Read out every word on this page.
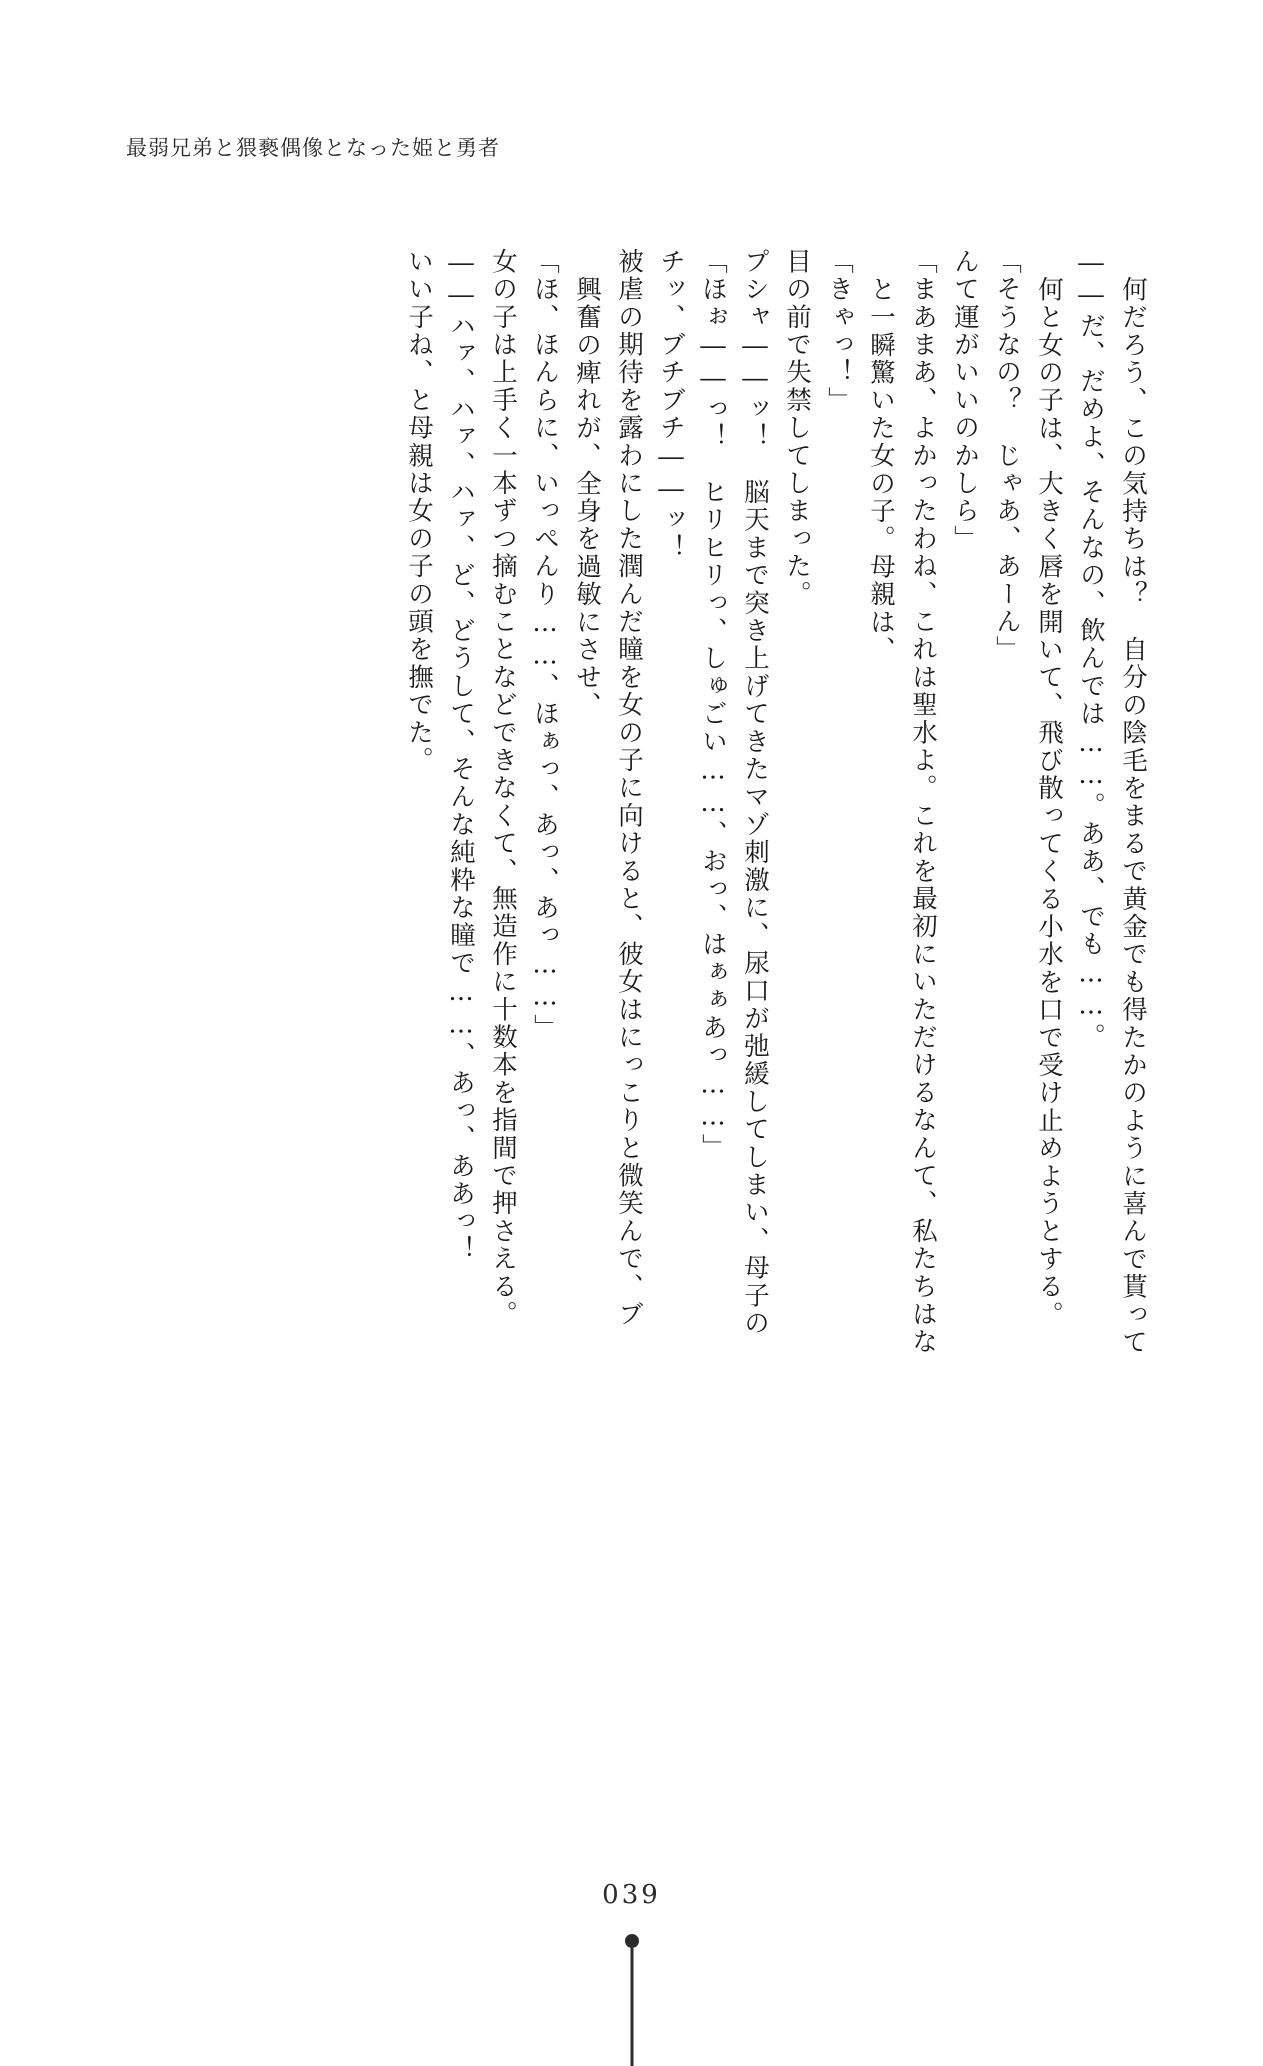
最弱兄弟と猥褻偶像となった姫と勇者
いい子ね、と母親は女の子の頭を撫でた。 ――ハァ、ハァ、ハァ、ど、どうして、そんな純粋な瞳で……、あっ、ああっ！ 女の子は上手く一本ずつ摘むことなどできなくて、無造作に十数本を指間で押さえる。 「ほ、ほんらに、いっぺんり……、ほぁっ、あっ、あっ……」 興奮の痺れが、全身を過敏にさせ、 被虐の期待を露わにした潤んだ瞳を女の子に向けると、彼女はにっこりと微笑んで、ブ チッ、ブチブチ――ッ！ 「ほぉ――っ！　ヒリヒリっ、しゅごい……、おっ、はぁぁあっ……」 プシャ――ッ！　脳天まで突き上げてきたマゾ刺激に、尿口が弛緩してしまい、母子の 目の前で失禁してしまった。 「きゃっ！」 と一瞬驚いた女の子。母親は、 「まあまあ、よかったわね、これは聖水よ。これを最初にいただけるなんて、私たちはな んて運がいいのかしら」 「そうなの？　じゃあ、あーん」 何と女の子は、大きく唇を開いて、飛び散ってくる小水を口で受け止めようとする。 ――だ、だめよ、そんなの、飲んでは……。ああ、でも……。 何だろう、この気持ちは？　自分の陰毛をまるで黄金でも得たかのように喜んで貰って
039
